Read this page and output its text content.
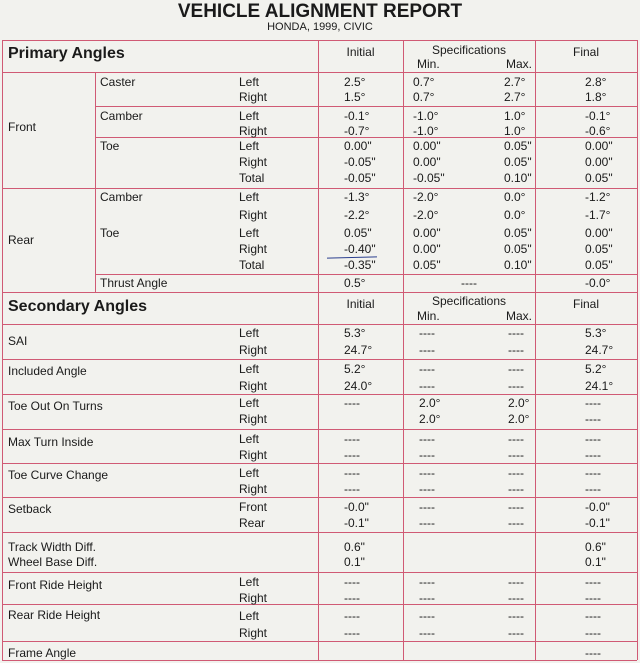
VEHICLE ALIGNMENT REPORT
HONDA, 1999, CIVIC
Primary Angles	Initial	Specifications
Min.	Max.
Final
Front
Caster	Left	2.5°	0.7°	2.7°	2.8°
Right	1.5°	0.7°	2.7°	1.8°
Camber	Left	-0.1°	-1.0°	1.0°	-0.1°
Right	-0.7°	-1.0°	1.0°	-0.6°
Toe	Left	0.00"	0.00"	0.05"	0.00"
Right	-0.05"	0.00"	0.05"	0.00"
Total	-0.05"	-0.05"	0.10"	0.05"
Rear
Camber	Left	-1.3°	-2.0°	0.0°	-1.2°
Right	-2.2°	-2.0°	0.0°	-1.7°
Toe	Left	0.05"	0.00"	0.05"	0.00"
Right	-0.40"	0.00"	0.05"	0.05"
Total	-0.35"	0.05"	0.10"	0.05"
Thrust Angle	0.5°	----	-0.0°
Secondary Angles	Initial	Specifications
Min.	Max.
Final
SAI
Left	5.3°	----	----	5.3°
Right	24.7°	----	----	24.7°
Included Angle	Left	5.2°	----	----	5.2°
Right	24.0°	----	----	24.1°
Toe Out On Turns	Left	----	2.0°	2.0°	----
Right	2.0°	2.0°	----
Max Turn Inside	Left	----	----	----	----
Right	----	----	----	----
Toe Curve Change	Left	----	----	----	----
Right	----	----	----	----
Setback	Front	-0.0"	----	----	-0.0"
Rear	-0.1"	----	----	-0.1"
Track Width Diff.	0.6"	0.6"
Wheel Base Diff.	0.1"	0.1"
Front Ride Height	Left	----	----	----	----
Right	----	----	----	----
Rear Ride Height	Left	----	----	----	----
Right	----	----	----	----
Frame Angle	----
